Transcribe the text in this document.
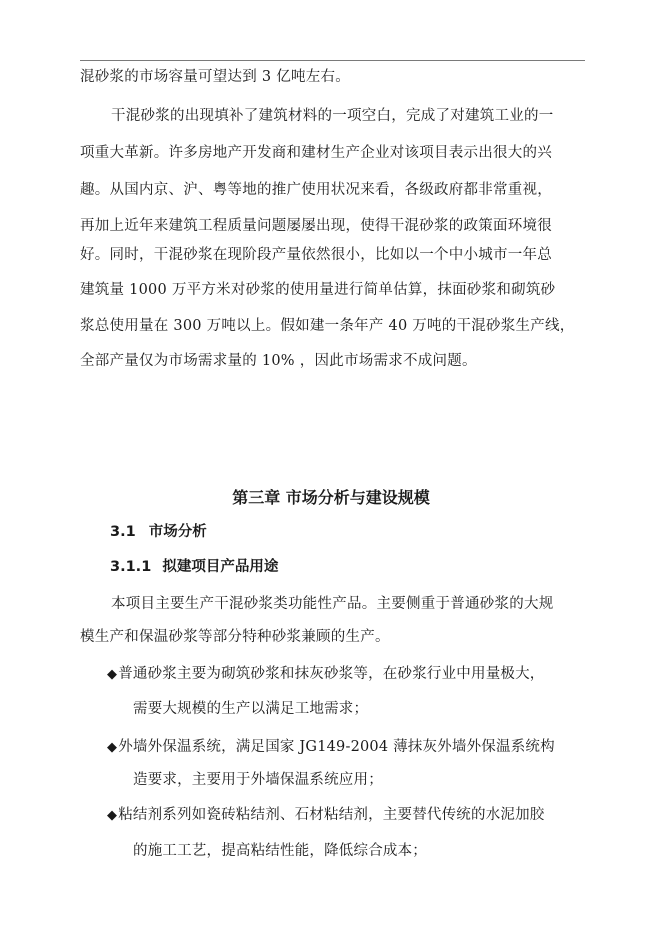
混砂浆的市场容量可望达到 3 亿吨左右。
干混砂浆的出现填补了建筑材料的一项空白，完成了对建筑工业的一
项重大革新。许多房地产开发商和建材生产企业对该项目表示出很大的兴
趣。从国内京、沪、粤等地的推广使用状况来看，各级政府都非常重视，
再加上近年来建筑工程质量问题屡屡出现，使得干混砂浆的政策面环境很
好。同时，干混砂浆在现阶段产量依然很小，比如以一个中小城市一年总
建筑量 1000 万平方米对砂浆的使用量进行简单估算，抹面砂浆和砌筑砂
浆总使用量在 300 万吨以上。假如建一条年产 40 万吨的干混砂浆生产线，
全部产量仅为市场需求量的 10% ，因此市场需求不成问题。
第三章 市场分析与建设规模
3.1 市场分析
3.1.1 拟建项目产品用途
本项目主要生产干混砂浆类功能性产品。主要侧重于普通砂浆的大规
模生产和保温砂浆等部分特种砂浆兼顾的生产。
◆普通砂浆主要为砌筑砂浆和抹灰砂浆等，在砂浆行业中用量极大，
需要大规模的生产以满足工地需求；
◆外墙外保温系统，满足国家 JG149-2004 薄抹灰外墙外保温系统构
造要求，主要用于外墙保温系统应用；
◆粘结剂系列如瓷砖粘结剂、石材粘结剂，主要替代传统的水泥加胶
的施工工艺，提高粘结性能，降低综合成本；
